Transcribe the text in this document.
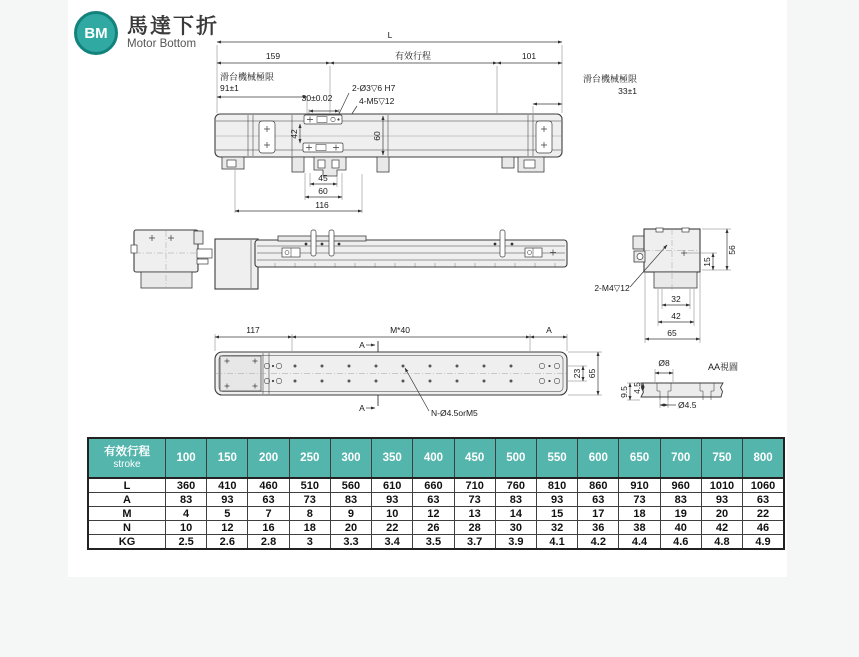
BM 馬達下折
Motor Bottom
L
159	有效行程	101
滑台機械極限
91±1
30±0.02
2-Ø3▽6 H7
4-M5▽12
滑台機械極限
33±1
42	60
45
60
116
2-M4▽12
56
15
32
42
65
117	M*40	A
A
A	N-Ø4.5orM5
23 65
AA視圖
Ø8
9.5 4.5
Ø4.5
有效行程
stroke	100	150	200	250	300	350	400	450	500	550	600	650	700	750	800
L	360	410	460	510	560	610	660	710	760	810	860	910	960	1010	1060
A	83	93	63	73	83	93	63	73	83	93	63	73	83	93	63
M	4	5	7	8	9	10	12	13	14	15	17	18	19	20	22
N	10	12	16	18	20	22	26	28	30	32	36	38	40	42	46
KG	2.5	2.6	2.8	3	3.3	3.4	3.5	3.7	3.9	4.1	4.2	4.4	4.6	4.8	4.9
